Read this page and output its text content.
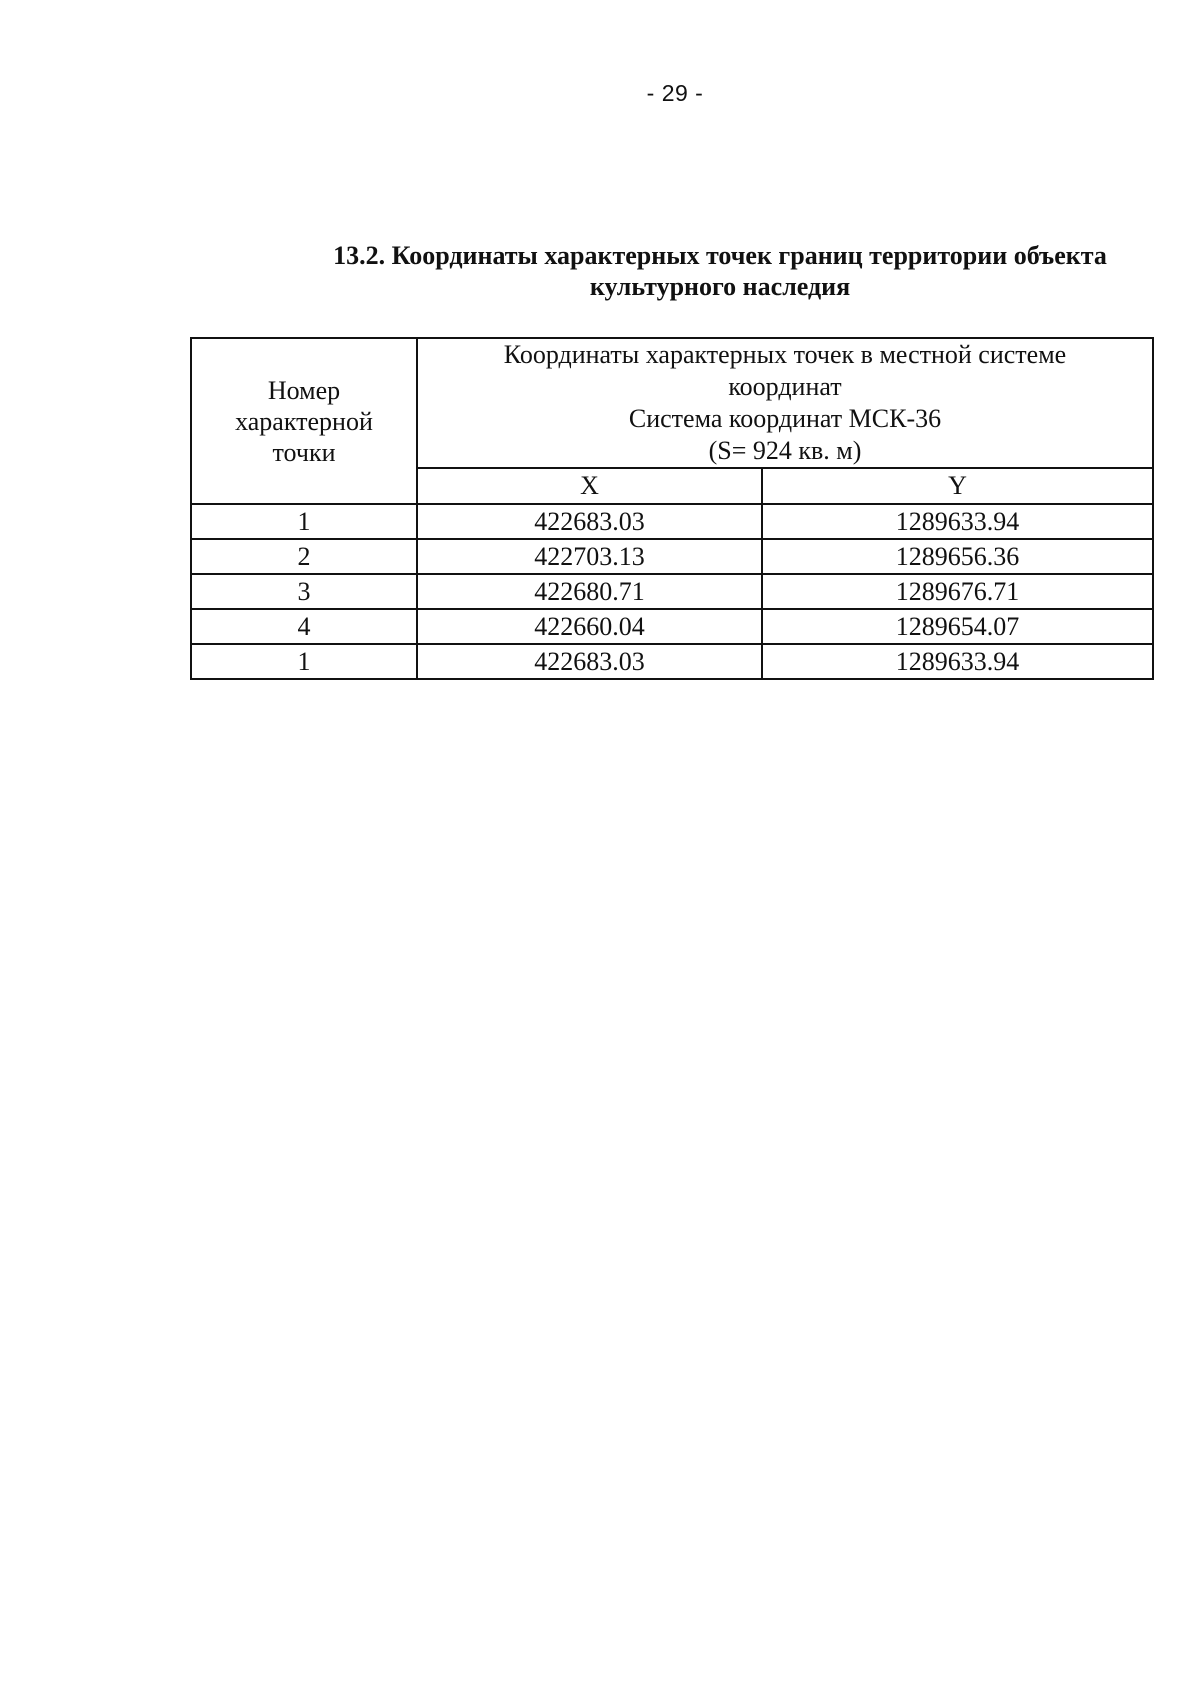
- 29 -
13.2. Координаты характерных точек границ территории объекта
культурного наследия
Номер
характерной
точки	Координаты характерных точек в местной системе
координат
Система координат МСК-36
(S= 924 кв. м)	

	X	Y
1	422683.03	1289633.94
2	422703.13	1289656.36
3	422680.71	1289676.71
4	422660.04	1289654.07
1	422683.03	1289633.94
